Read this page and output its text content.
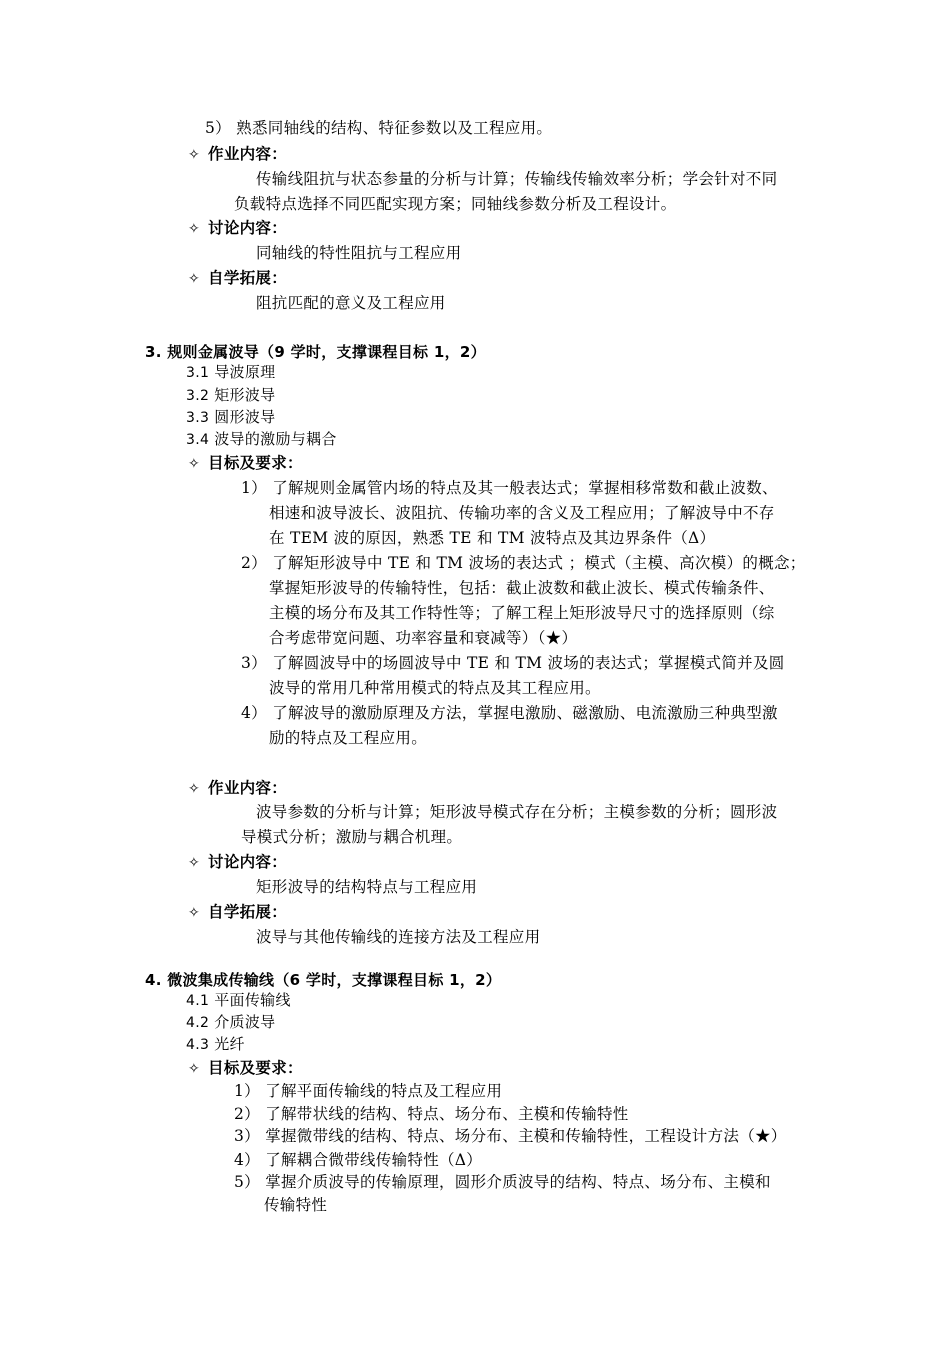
5） 熟悉同轴线的结构、特征参数以及工程应用。
✧ 作业内容：
传输线阻抗与状态参量的分析与计算；传输线传输效率分析；学会针对不同
负载特点选择不同匹配实现方案；同轴线参数分析及工程设计。
✧ 讨论内容：
同轴线的特性阻抗与工程应用
✧ 自学拓展：
阻抗匹配的意义及工程应用
3. 规则金属波导（9 学时，支撑课程目标 1，2）
3.1 导波原理
3.2 矩形波导
3.3 圆形波导
3.4 波导的激励与耦合
✧ 目标及要求：
1） 了解规则金属管内场的特点及其一般表达式；掌握相移常数和截止波数、
相速和波导波长、波阻抗、传输功率的含义及工程应用；了解波导中不存
在 TEM 波的原因，熟悉 TE 和 TM 波特点及其边界条件（Δ）
2） 了解矩形波导中 TE 和 TM 波场的表达式 ；模式（主模、高次模）的概念；
掌握矩形波导的传输特性，包括：截止波数和截止波长、模式传输条件、
主模的场分布及其工作特性等；了解工程上矩形波导尺寸的选择原则（综
合考虑带宽问题、功率容量和衰减等）（★）
3） 了解圆波导中的场圆波导中 TE 和 TM 波场的表达式；掌握模式简并及圆
波导的常用几种常用模式的特点及其工程应用。
4） 了解波导的激励原理及方法，掌握电激励、磁激励、电流激励三种典型激
励的特点及工程应用。
✧ 作业内容：
波导参数的分析与计算；矩形波导模式存在分析；主模参数的分析；圆形波
导模式分析；激励与耦合机理。
✧ 讨论内容：
矩形波导的结构特点与工程应用
✧ 自学拓展：
波导与其他传输线的连接方法及工程应用
4. 微波集成传输线（6 学时，支撑课程目标 1，2）
4.1 平面传输线
4.2 介质波导
4.3 光纤
✧ 目标及要求：
1） 了解平面传输线的特点及工程应用
2） 了解带状线的结构、特点、场分布、主模和传输特性
3） 掌握微带线的结构、特点、场分布、主模和传输特性，工程设计方法（★）
4） 了解耦合微带线传输特性（Δ）
5） 掌握介质波导的传输原理，圆形介质波导的结构、特点、场分布、主模和
传输特性
